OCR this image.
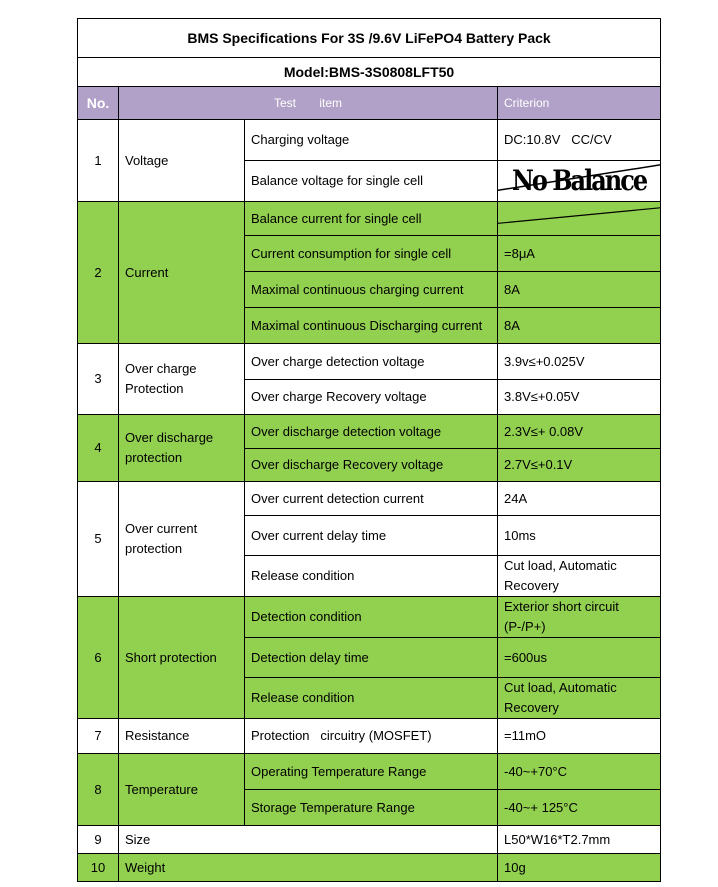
BMS Specifications For 3S /9.6V LiFePO4 Battery Pack			
Model:BMS-3S0808LFT50			
No.	Test       item		Criterion
1	Voltage	Charging voltage	DC:10.8V   CC/CV
		Balance voltage for single cell	No Balance

2	Current	Balance current for single cell	

		Current consumption for single cell	=8μA
		Maximal continuous charging current	8A
		Maximal continuous Discharging current	8A
3	Over charge Protection	Over charge detection voltage	3.9v≤+0.025V
		Over charge Recovery voltage	3.8V≤+0.05V
4	Over discharge protection	Over discharge detection voltage	2.3V≤+ 0.08V
		Over discharge Recovery voltage	2.7V≤+0.1V
5	Over current protection	Over current detection current	24A
		Over current delay time	10ms
		Release condition	Cut load, Automatic Recovery
6	Short protection	Detection condition	Exterior short circuit (P-/P+)
		Detection delay time	=600us
		Release condition	Cut load, Automatic Recovery
7	Resistance	Protection   circuitry (MOSFET)	=11mO
8	Temperature	Operating Temperature Range	-40~+70°C
		Storage Temperature Range	-40~+ 125°C
9	Size		L50*W16*T2.7mm
10	Weight		10g
